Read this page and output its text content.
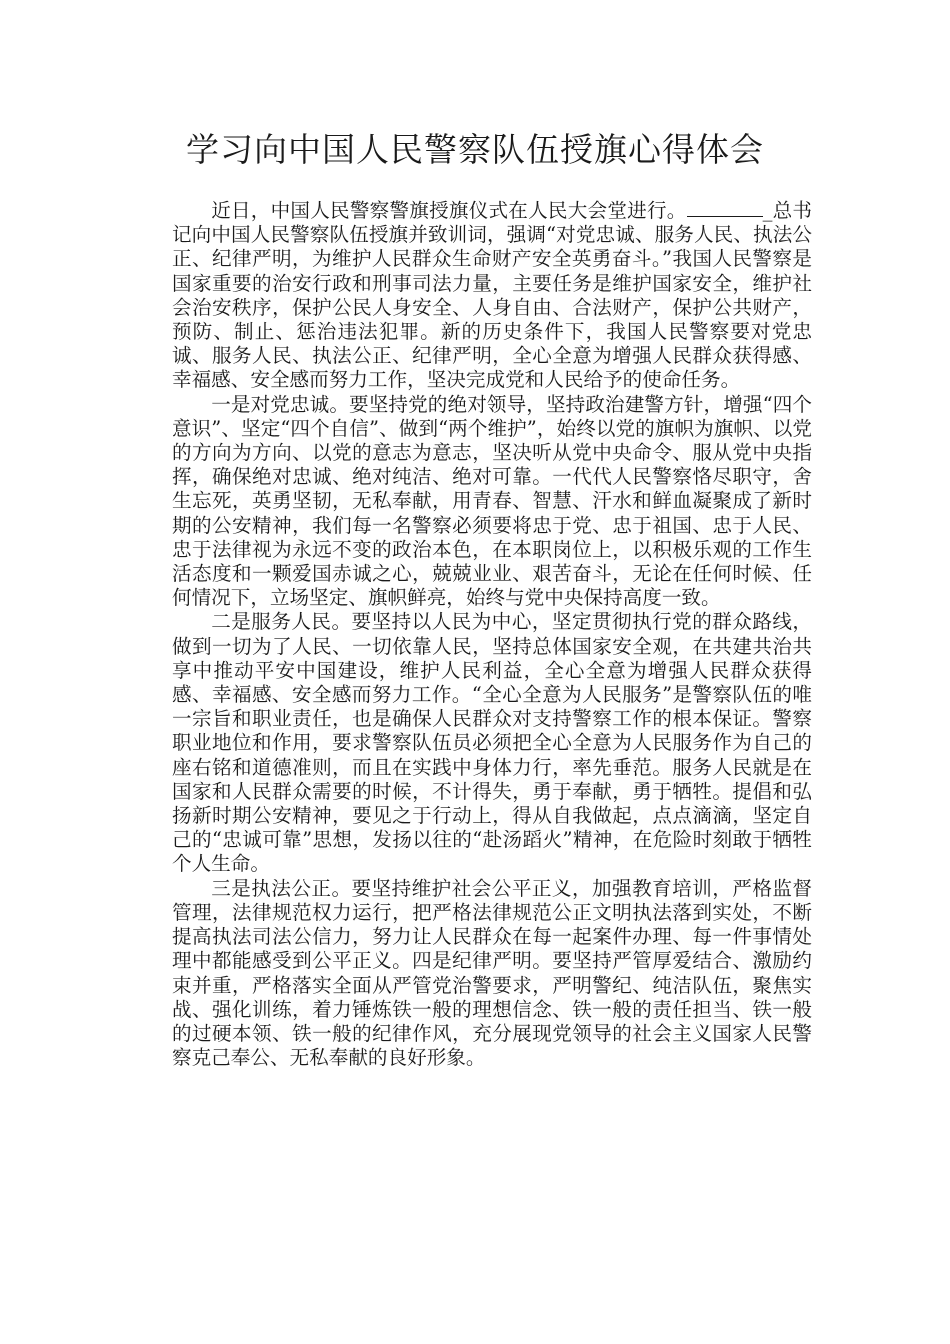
学习向中国人民警察队伍授旗心得体会

近日，中国人民警察警旗授旗仪式在人民大会堂进行。	_总书记向中国人民警察队伍授旗并致训词，强调“对党忠诚、服务人民、执法公正、纪律严明，为维护人民群众生命财产安全英勇奋斗。”我国人民警察是国家重要的治安行政和刑事司法力量，主要任务是维护国家安全，维护社会治安秩序，保护公民人身安全、人身自由、合法财产，保护公共财产，预防、制止、惩治违法犯罪。新的历史条件下，我国人民警察要对党忠诚、服务人民、执法公正、纪律严明，全心全意为增强人民群众获得感、幸福感、安全感而努力工作，坚决完成党和人民给予的使命任务。

一是对党忠诚。要坚持党的绝对领导，坚持政治建警方针，增强“四个意识”、坚定“四个自信”、做到“两个维护”，始终以党的旗帜为旗帜、以党的方向为方向、以党的意志为意志，坚决听从党中央命令、服从党中央指挥，确保绝对忠诚、绝对纯洁、绝对可靠。一代代人民警察恪尽职守，舍生忘死，英勇坚韧，无私奉献，用青春、智慧、汗水和鲜血凝聚成了新时期的公安精神，我们每一名警察必须要将忠于党、忠于祖国、忠于人民、忠于法律视为永远不变的政治本色，在本职岗位上，以积极乐观的工作生活态度和一颗爱国赤诚之心，兢兢业业、艰苦奋斗，无论在任何时候、任何情况下，立场坚定、旗帜鲜亮，始终与党中央保持高度一致。

二是服务人民。要坚持以人民为中心，坚定贯彻执行党的群众路线，做到一切为了人民、一切依靠人民，坚持总体国家安全观，在共建共治共享中推动平安中国建设，维护人民利益，全心全意为增强人民群众获得感、幸福感、安全感而努力工作。“全心全意为人民服务”是警察队伍的唯一宗旨和职业责任，也是确保人民群众对支持警察工作的根本保证。警察职业地位和作用，要求警察队伍员必须把全心全意为人民服务作为自己的座右铭和道德准则，而且在实践中身体力行，率先垂范。服务人民就是在国家和人民群众需要的时候，不计得失，勇于奉献，勇于牺牲。提倡和弘扬新时期公安精神，要见之于行动上，得从自我做起，点点滴滴，坚定自己的“忠诚可靠”思想，发扬以往的“赴汤蹈火”精神，在危险时刻敢于牺牲个人生命。

三是执法公正。要坚持维护社会公平正义，加强教育培训，严格监督管理，法律规范权力运行，把严格法律规范公正文明执法落到实处，不断提高执法司法公信力，努力让人民群众在每一起案件办理、每一件事情处理中都能感受到公平正义。四是纪律严明。要坚持严管厚爱结合、激励约束并重，严格落实全面从严管党治警要求，严明警纪、纯洁队伍，聚焦实战、强化训练，着力锤炼铁一般的理想信念、铁一般的责任担当、铁一般的过硬本领、铁一般的纪律作风，充分展现党领导的社会主义国家人民警察克己奉公、无私奉献的良好形象。
